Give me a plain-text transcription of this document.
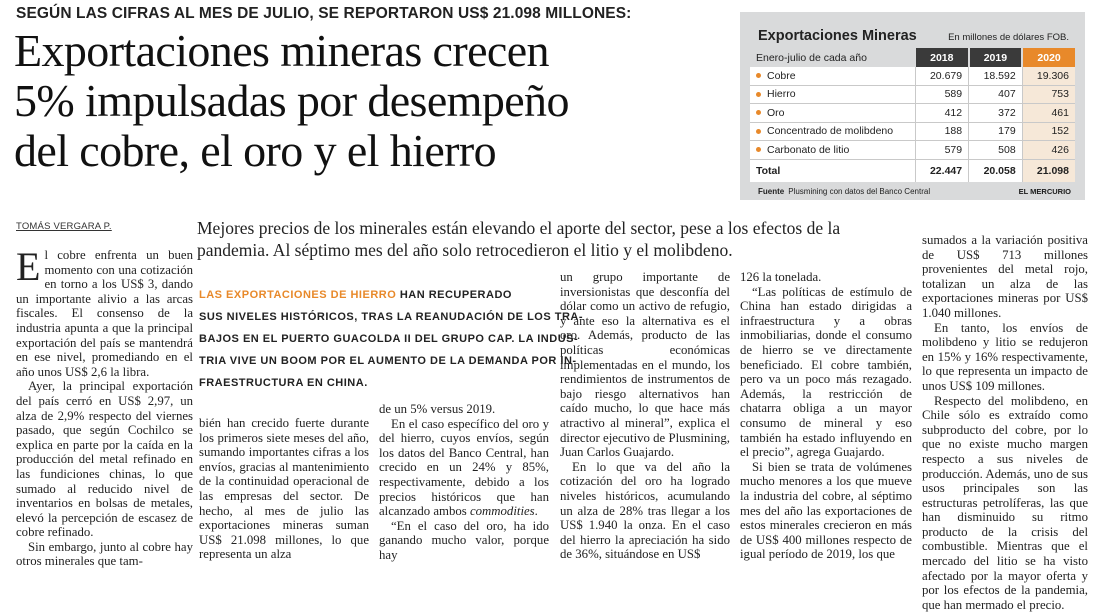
SEGÚN LAS CIFRAS AL MES DE JULIO, SE REPORTARON US$ 21.098 MILLONES:
Exportaciones mineras crecen
5% impulsadas por desempeño
del cobre, el oro y el hierro
Exportaciones Mineras	En millones de dólares FOB.
Enero-julio de cada año	2018	2019	2020
Cobre	20.679	18.592	19.306
Hierro	589	407	753
Oro	412	372	461
Concentrado de molibdeno	188	179	152
Carbonato de litio	579	508	426
Total	22.447	20.058	21.098
Fuente Plusmining con datos del Banco Central	EL MERCURIO
TOMÁS VERGARA P.	Mejores precios de los minerales están elevando el aporte del sector, pese a los efectos de la pandemia. Al séptimo mes del año solo retrocedieron el litio y el molibdeno.

El cobre enfrenta un buen momento con una cotización en torno a los US$ 3, dando un importante alivio a las arcas fiscales. El consenso de la industria apunta a que la principal exportación del país se mantendrá en ese nivel, promediando en el año unos US$ 2,6 la libra.

Ayer, la principal exportación del país cerró en US$ 2,97, un alza de 2,9% respecto del viernes pasado, que según Cochilco se explica en parte por la caída en la producción del metal refinado en las fundiciones chinas, lo que sumado al reducido nivel de inventarios en bolsas de metales, elevó la percepción de escasez de cobre refinado.

Sin embargo, junto al cobre hay otros minerales que tam-

LAS EXPORTACIONES DE HIERRO HAN RECUPERADO
SUS NIVELES HISTÓRICOS, TRAS LA REANUDACIÓN DE LOS TRA-
BAJOS EN EL PUERTO GUACOLDA II DEL GRUPO CAP. LA INDUS-
TRIA VIVE UN BOOM POR EL AUMENTO DE LA DEMANDA POR IN-
FRAESTRUCTURA EN CHINA.

bién han crecido fuerte durante los primeros siete meses del año, sumando importantes cifras a los envíos, gracias al mantenimiento de la continuidad operacional de las empresas del sector. De hecho, al mes de julio las exportaciones mineras suman US$ 21.098 millones, lo que representa un alza

de un 5% versus 2019.

En el caso específico del oro y del hierro, cuyos envíos, según los datos del Banco Central, han crecido en un 24% y 85%, respectivamente, debido a los precios históricos que han alcanzado ambos commodities.

“En el caso del oro, ha ido ganando mucho valor, porque hay

un grupo importante de inversionistas que desconfía del dólar como un activo de refugio, y ante eso la alternativa es el oro. Además, producto de las políticas económicas implementadas en el mundo, los rendimientos de instrumentos de bajo riesgo alternativos han caído mucho, lo que hace más atractivo al mineral”, explica el director ejecutivo de Plusmining, Juan Carlos Guajardo.

En lo que va del año la cotización del oro ha logrado niveles históricos, acumulando un alza de 28% tras llegar a los US$ 1.940 la onza. En el caso del hierro la apreciación ha sido de 36%, situándose en US$

126 la tonelada.

“Las políticas de estímulo de China han estado dirigidas a infraestructura y a obras inmobiliarias, donde el consumo de hierro se ve directamente beneficiado. El cobre también, pero va un poco más rezagado. Además, la restricción de chatarra obliga a un mayor consumo de mineral y eso también ha estado influyendo en el precio”, agrega Guajardo.

Si bien se trata de volúmenes mucho menores a los que mueve la industria del cobre, al séptimo mes del año las exportaciones de estos minerales crecieron en más de US$ 400 millones respecto de igual período de 2019, los que

sumados a la variación positiva de US$ 713 millones provenientes del metal rojo, totalizan un alza de las exportaciones mineras por US$ 1.040 millones.

En tanto, los envíos de molibdeno y litio se redujeron en 15% y 16% respectivamente, lo que representa un impacto de unos US$ 109 millones.

Respecto del molibdeno, en Chile sólo es extraído como subproducto del cobre, por lo que no existe mucho margen respecto a sus niveles de producción. Además, uno de sus usos principales son las estructuras petrolíferas, las que han disminuido su ritmo producto de la crisis del combustible. Mientras que el mercado del litio se ha visto afectado por la mayor oferta y por los efectos de la pandemia, que han mermado el precio.
